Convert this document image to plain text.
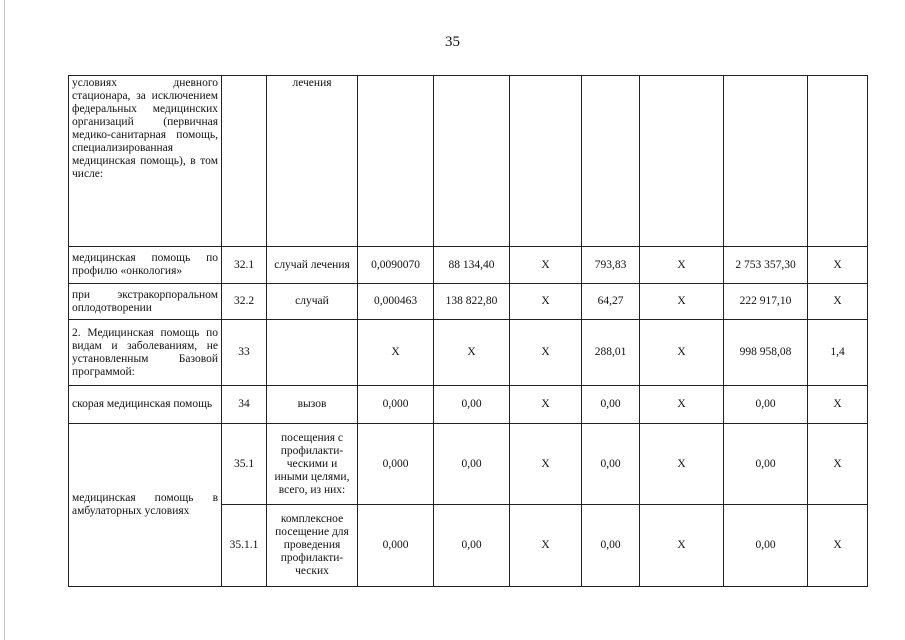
35
условиях дневного стационара, за исключением федеральных медицинских организаций (первичная медико-санитарная помощь, специализированная медицинская помощь), в том числе:		лечения							
медицинская помощь по профилю «онкология»	32.1	случай лечения	0,0090070	88 134,40	Х	793,83	Х	2 753 357,30	Х
при экстракорпоральном оплодотворении	32.2	случай	0,000463	138 822,80	Х	64,27	Х	222 917,10	Х
2. Медицинская помощь по видам и заболеваниям, не установленным Базовой программой:	33		Х	Х	Х	288,01	Х	998 958,08	1,4
скорая медицинская помощь	34	вызов	0,000	0,00	Х	0,00	Х	0,00	Х
медицинская помощь в амбулаторных условиях	35.1	посещения с профилакти-ческими и иными целями, всего, из них:	0,000	0,00	Х	0,00	Х	0,00	Х
	35.1.1	комплексное посещение для проведения профилакти-ческих	0,000	0,00	Х	0,00	Х	0,00	Х
